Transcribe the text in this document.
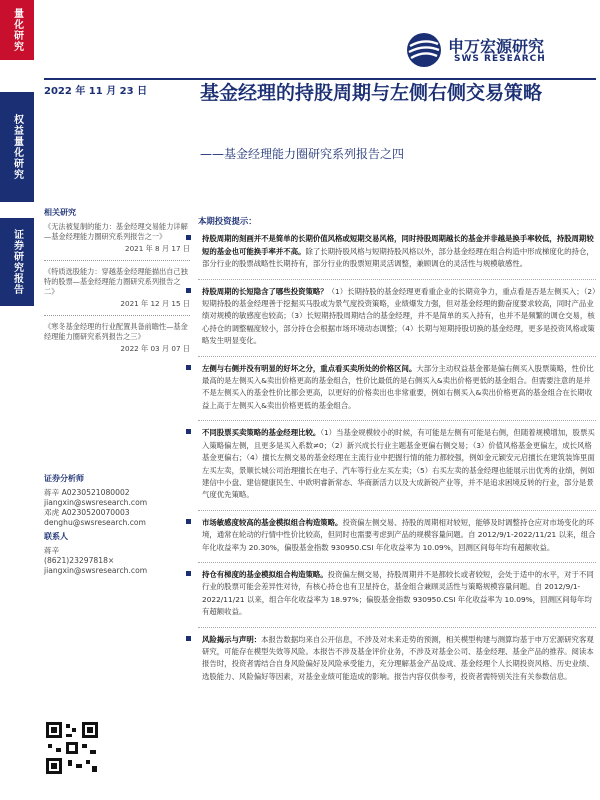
量化研究
权益量化研究
证券研究报告
申万宏源研究
SWS RESEARCH
2022 年 11 月 23 日	基金经理的持股周期与左侧右侧交易策略
——基金经理能力圈研究系列报告之四
相关研究
《无法被复制的能力：基金经理交易能力详解—基金经理能力圈研究系列报告之一》
2021 年 8 月 17 日
《特质选股能力：穿越基金经理能描出自己独特的股票—基金经理能力圈研究系列报告之二》
2021 年 12 月 15 日
《寒冬基金经理的行业配置具备前瞻性—基金经理能力圈研究系列报告之三》
2022 年 03 月 07 日
证券分析师
蒋辛 A0230521080002
jiangxin@swsresearch.com
邓虎 A0230520070003
denghu@swsresearch.com
联系人
蒋辛
(8621)23297818×
jiangxin@swsresearch.com
本期投资提示：
持股周期的刻画并不是简单的长期价值风格或短期交易风格，同时持股周期越长的基金并非越是换手率较低，持股周期较短的基金也可能换手率并不高。除了长期持股风格与短期持股风格以外，部分基金经理在组合构造中形成梯度化的持仓，部分行业的股票战略性长期持有，部分行业的股票短期灵活调整，兼顾调仓的灵活性与规模敏感性。
持股周期的长短隐含了哪些投资策略？（1）长期持股的基金经理更看重企业的长期竞争力，重点看是否是左侧买入；（2）短期持股的基金经理善于挖掘买马股或为景气度投资策略，业绩爆发力强，但对基金经理的勤奋度要求较高，同时产品业绩对规模的敏感度也较高；（3）长短期持股周期结合的基金经理，并不是简单的买入持有，也并不是频繁的调仓交易，核心持仓的调整幅度较小，部分持仓会根据市场环境动态调整；（4）长期与短期持股切换的基金经理，更多是投资风格或策略发生明显变化。
左侧与右侧并没有明显的好坏之分，重点看买卖所处的价格区间。大部分主动权益基金都是偏右侧买入股票策略，性价比最高的是左侧买入&卖出价格更高的基金组合，性价比最低的是右侧买入&卖出价格更低的基金组合。但需要注意的是并不是左侧买入的基金性价比都会更高，以更好的价格卖出也非常重要，例如右侧买入&卖出价格更高的基金组合在长期收益上高于左侧买入&卖出价格更低的基金组合。
不同股票买卖策略的基金经理比较。（1）当基金规模较小的时候，有可能是左侧有可能是右侧，但随着规模增加，股票买入策略偏左侧，且更多是买入系数≠0；（2）新兴成长行业主题基金更偏右侧交易；（3）价值风格基金更偏左，成长风格基金更偏右；（4）擅长左侧交易的基金经理在主流行业中把握行情的能力都较强，例如金元颖安元启擅长在建筑装饰里面左买左卖，景顺长城公司治理擅长在电子、汽车等行业左买左卖；（5）右买左卖的基金经理也能展示出优秀的业绩，例如建信中小盘、建信健康民生、中欧明睿新常态、华商新活力以及大成新锐产业等，并不是追求困境反转的行业，部分是景气度优先策略。
市场敏感度较高的基金模拟组合构造策略。投资偏左侧交易、持股的周期相对较短，能够及时调整持仓应对市场变化的环境，通常在轮动的行情中性价比较高，但同时也需要考虑到产品的规模容量问题。自 2012/9/1-2022/11/21 以来，组合年化收益率为 20.30%，偏股基金指数 930950.CSI 年化收益率为 10.09%，回测区间每年均有超额收益。
持仓有梯度的基金模拟组合构造策略。投资偏左侧交易，持股周期并不是都较长或者较短，会处于适中的水平，对于不同行业的股票可能会差异性对待，有核心持仓也有卫星持仓，基金组合兼顾灵活性与策略规模容量问题。自 2012/9/1-2022/11/21 以来，组合年化收益率为 18.97%；偏股基金指数 930950.CSI 年化收益率为 10.09%，回测区间每年均有超额收益。
风险揭示与声明：本报告数据均来自公开信息，不涉及对未来走势的预测，相关模型构建与测算均基于申万宏源研究客观研究，可能存在模型失效等风险。本报告不涉及基金评价业务，不涉及对基金公司、基金经理、基金产品的推荐。阅读本报告时，投资者需结合自身风险偏好及风险承受能力，充分理解基金产品设成、基金经理个人长期投资风格、历史业绩、选股能力、风险偏好等因素，对基金业绩可能造成的影响。报告内容仅供参考，投资者需特别关注有关参数信息。
